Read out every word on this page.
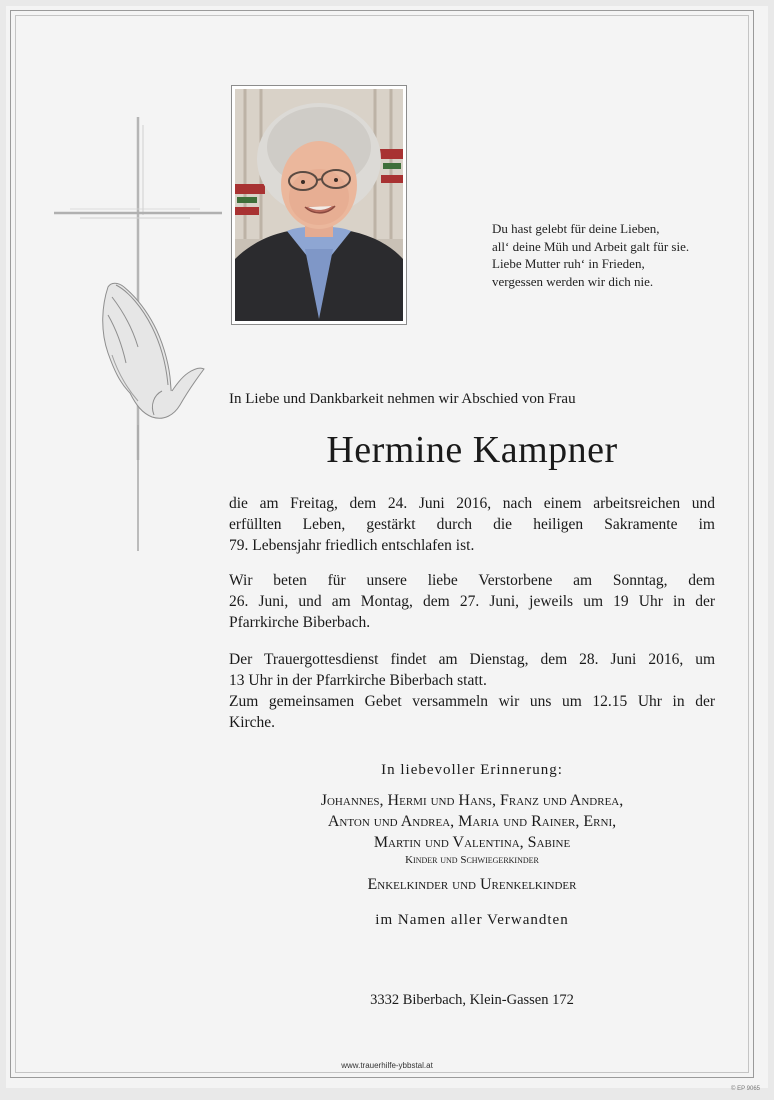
Du hast gelebt für deine Lieben,
all‘ deine Müh und Arbeit galt für sie.
Liebe Mutter ruh‘ in Frieden,
vergessen werden wir dich nie.
In Liebe und Dankbarkeit nehmen wir Abschied von Frau
Hermine Kampner
die am Freitag, dem 24. Juni 2016, nach einem arbeitsreichen und
erfüllten Leben, gestärkt durch die heiligen Sakramente im
79. Lebensjahr friedlich entschlafen ist.
Wir beten für unsere liebe Verstorbene am Sonntag, dem
26. Juni, und am Montag, dem 27. Juni, jeweils um 19 Uhr in der
Pfarrkirche Biberbach.
Der Trauergottesdienst findet am Dienstag, dem 28. Juni 2016, um
13 Uhr in der Pfarrkirche Biberbach statt.
Zum gemeinsamen Gebet versammeln wir uns um 12.15 Uhr in der
Kirche.
In liebevoller Erinnerung:
Johannes, Hermi und Hans, Franz und Andrea,
Anton und Andrea, Maria und Rainer, Erni,
Martin und Valentina, Sabine
Kinder und Schwiegerkinder
Enkelkinder und Urenkelkinder
im Namen aller Verwandten
3332 Biberbach, Klein-Gassen 172
www.trauerhilfe-ybbstal.at
© EP 9065
